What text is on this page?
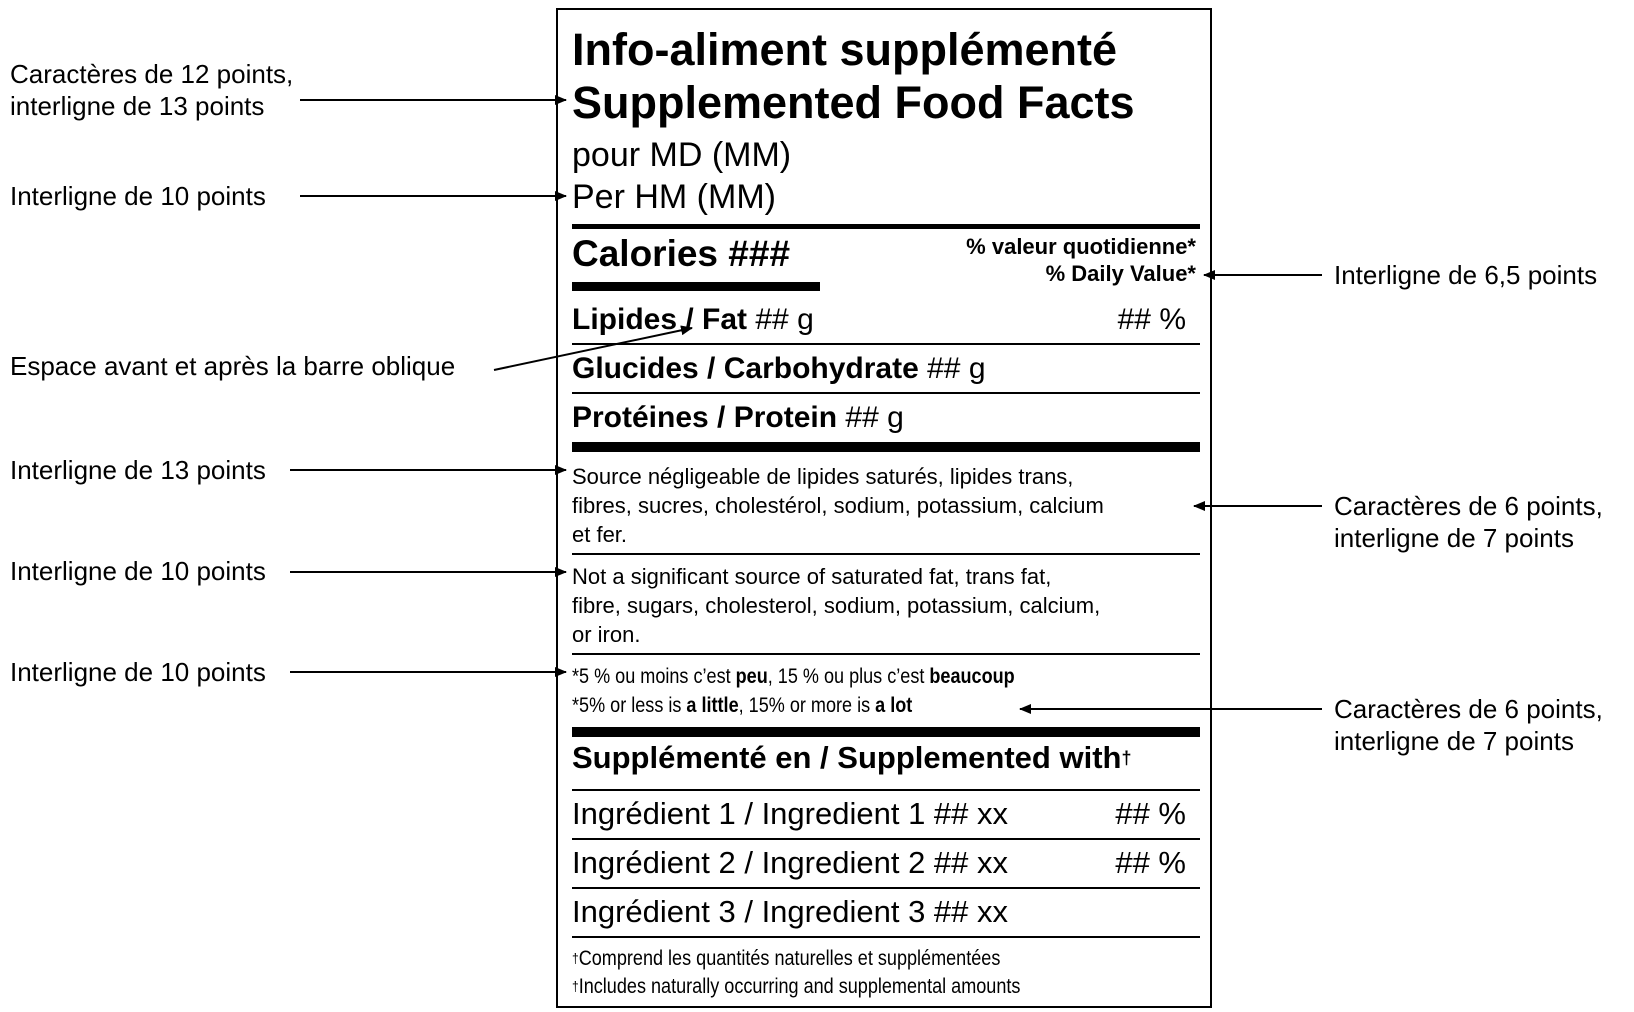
Caractères de 12 points,
interligne de 13 points
Interligne de 10 points
Espace avant et après la barre oblique
Interligne de 13 points
Interligne de 10 points
Interligne de 10 points
Interligne de 6,5 points
Caractères de 6 points,
interligne de 7 points
Caractères de 6 points,
interligne de 7 points
Info-aliment supplémenté
Supplemented Food Facts
pour MD (MM)
Per HM (MM)
Calories ###	% valeur quotidienne*
% Daily Value*
Lipides / Fat ## g	## %
Glucides / Carbohydrate ## g
Protéines / Protein ## g
Source négligeable de lipides saturés, lipides trans,
fibres, sucres, cholestérol, sodium, potassium, calcium
et fer.
Not a significant source of saturated fat, trans fat,
fibre, sugars, cholesterol, sodium, potassium, calcium,
or iron.
*5 % ou moins c’est peu, 15 % ou plus c’est beaucoup
*5% or less is a little, 15% or more is a lot
Supplémenté en / Supplemented with†
Ingrédient 1 / Ingredient 1 ## xx	## %
Ingrédient 2 / Ingredient 2 ## xx	## %
Ingrédient 3 / Ingredient 3 ## xx
†Comprend les quantités naturelles et supplémentées
†Includes naturally occurring and supplemental amounts
